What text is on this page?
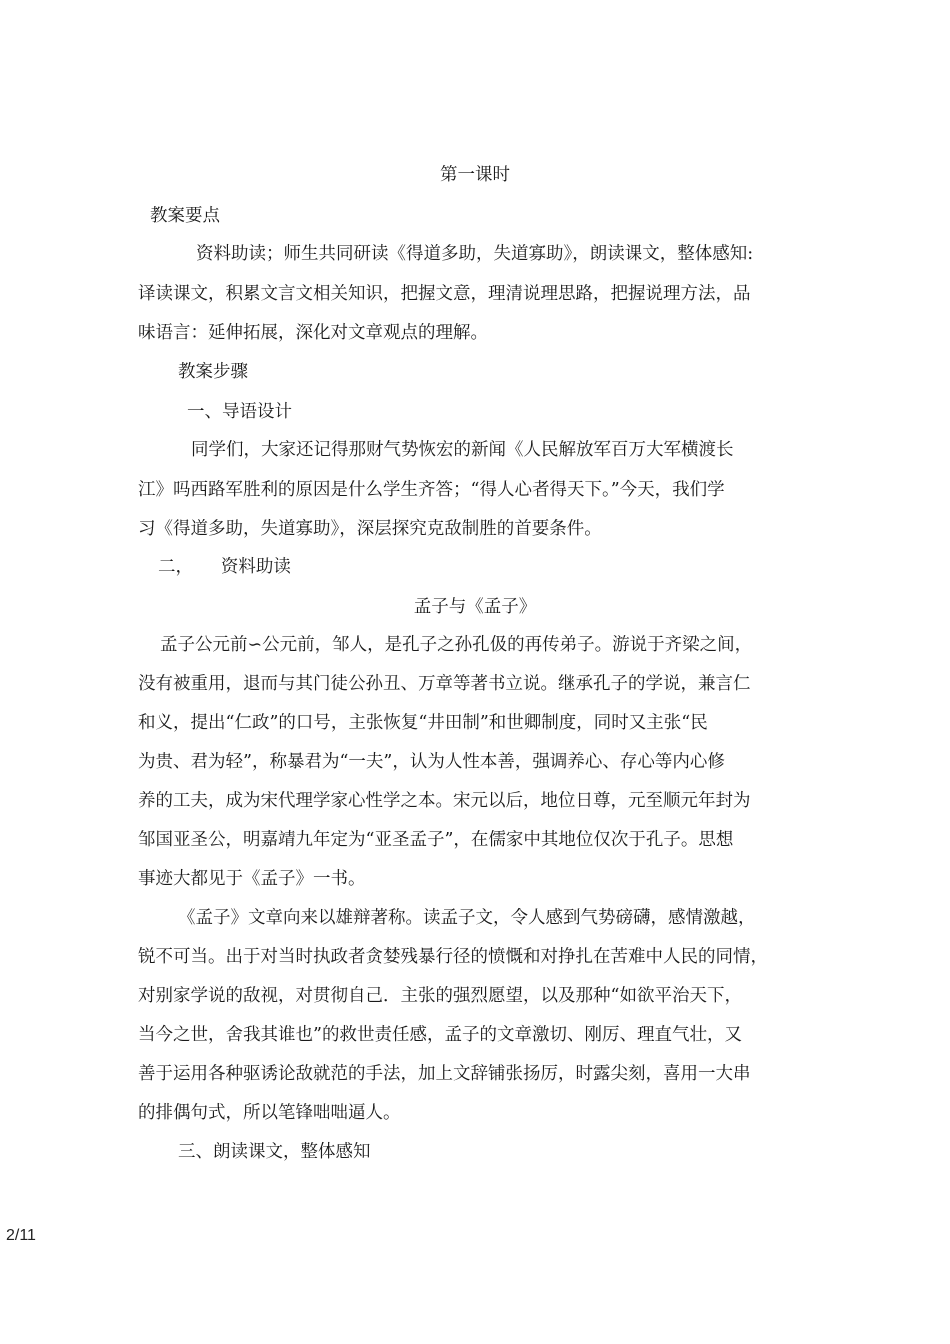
第一课时
教案要点
资料助读；师生共同研读《得道多助，失道寡助》，朗读课文，整体感知:
译读课文，积累文言文相关知识，把握文意，理清说理思路，把握说理方法，品
味语言：延伸拓展，深化对文章观点的理解。
教案步骤
一、导语设计
同学们，大家还记得那财气势恢宏的新闻《人民解放军百万大军横渡长
江》吗西路军胜利的原因是什么学生齐答；“得人心者得天下。”今天，我们学
习《得道多助，失道寡助》，深层探究克敌制胜的首要条件。
二，     资料助读
孟子与《孟子》
孟子公元前∽公元前，邹人，是孔子之孙孔伋的再传弟子。游说于齐梁之间，
没有被重用，退而与其门徒公孙丑、万章等著书立说。继承孔子的学说，兼言仁
和义，提出“仁政”的口号，主张恢复“井田制”和世卿制度，同时又主张“民
为贵、君为轻”，称暴君为“一夫”，认为人性本善，强调养心、存心等内心修
养的工夫，成为宋代理学家心性学之本。宋元以后，地位日尊，元至顺元年封为
邹国亚圣公，明嘉靖九年定为“亚圣孟子”，在儒家中其地位仅次于孔子。思想
事迹大都见于《孟子》一书。
《孟子》文章向来以雄辩著称。读孟子文，令人感到气势磅礴，感情激越，
锐不可当。出于对当时执政者贪婪残暴行径的愤慨和对挣扎在苦难中人民的同情，
对别家学说的敌视，对贯彻自己．主张的强烈愿望，以及那种“如欲平治天下，
当今之世，舍我其谁也”的救世责任感，孟子的文章激切、刚厉、理直气壮，又
善于运用各种驱诱论敌就范的手法，加上文辞铺张扬厉，时露尖刻，喜用一大串
的排偶句式，所以笔锋咄咄逼人。
三、朗读课文，整体感知
2/11
